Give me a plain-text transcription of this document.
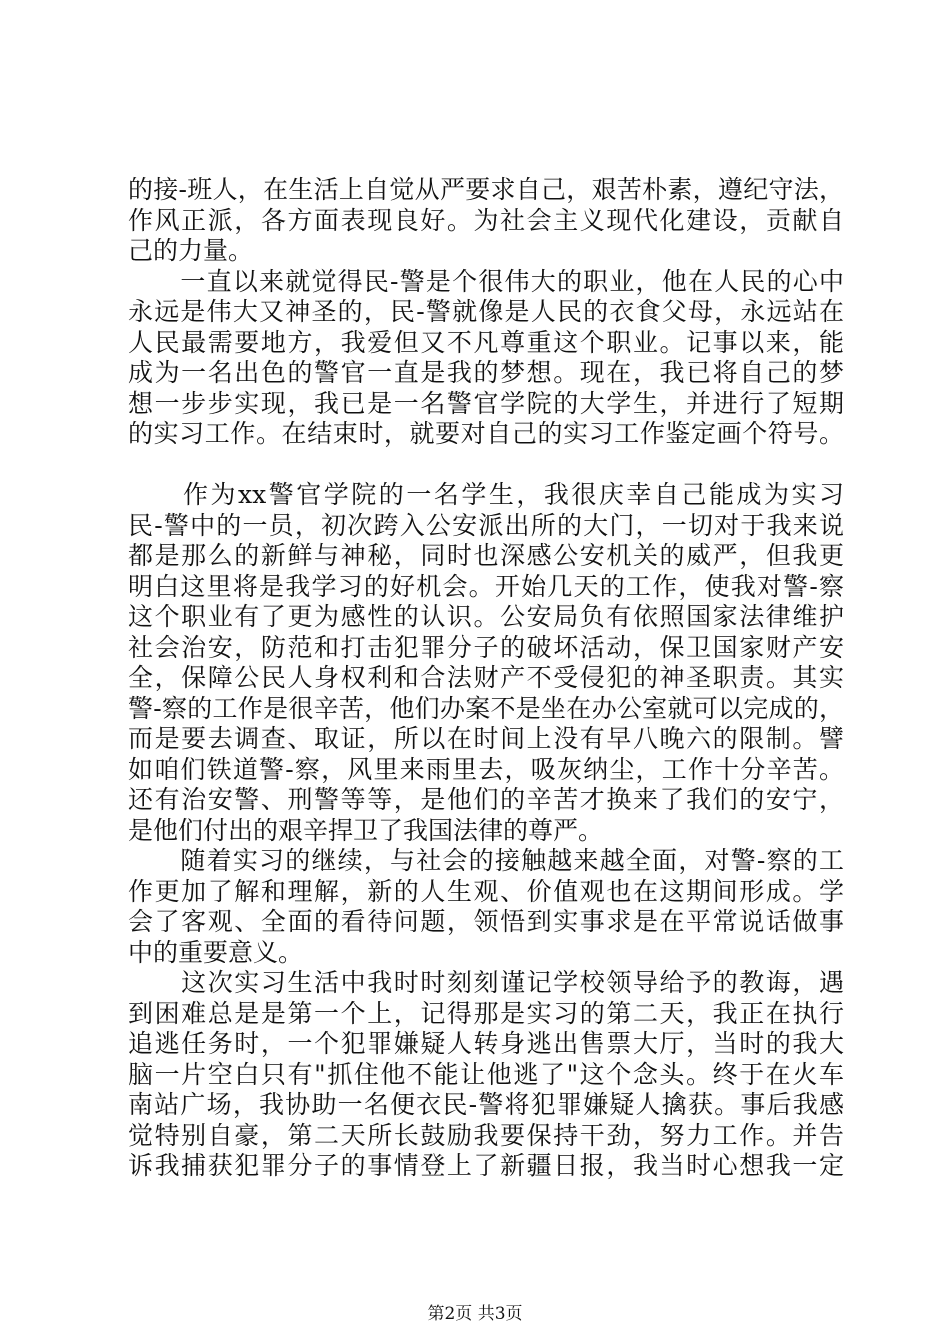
的接-班人，在生活上自觉从严要求自己，艰苦朴素，遵纪守法，
作风正派，各方面表现良好。为社会主义现代化建设，贡献自
己的力量。
　　一直以来就觉得民-警是个很伟大的职业，他在人民的心中
永远是伟大又神圣的，民-警就像是人民的衣食父母，永远站在
人民最需要地方，我爱但又不凡尊重这个职业。记事以来，能
成为一名出色的警官一直是我的梦想。现在，我已将自己的梦
想一步步实现，我已是一名警官学院的大学生，并进行了短期
的实习工作。在结束时，就要对自己的实习工作鉴定画个符号。
　　作为xx警官学院的一名学生，我很庆幸自己能成为实习
民-警中的一员，初次跨入公安派出所的大门，一切对于我来说
都是那么的新鲜与神秘，同时也深感公安机关的威严，但我更
明白这里将是我学习的好机会。开始几天的工作，使我对警-察
这个职业有了更为感性的认识。公安局负有依照国家法律维护
社会治安，防范和打击犯罪分子的破坏活动，保卫国家财产安
全，保障公民人身权利和合法财产不受侵犯的神圣职责。其实
警-察的工作是很辛苦，他们办案不是坐在办公室就可以完成的，
而是要去调查、取证，所以在时间上没有早八晚六的限制。譬
如咱们铁道警-察，风里来雨里去，吸灰纳尘，工作十分辛苦。
还有治安警、刑警等等，是他们的辛苦才换来了我们的安宁，
是他们付出的艰辛捍卫了我国法律的尊严。
　　随着实习的继续，与社会的接触越来越全面，对警-察的工
作更加了解和理解，新的人生观、价值观也在这期间形成。学
会了客观、全面的看待问题，领悟到实事求是在平常说话做事
中的重要意义。
　　这次实习生活中我时时刻刻谨记学校领导给予的教诲，遇
到困难总是是第一个上，记得那是实习的第二天，我正在执行
追逃任务时，一个犯罪嫌疑人转身逃出售票大厅，当时的我大
脑一片空白只有"抓住他不能让他逃了"这个念头。终于在火车
南站广场，我协助一名便衣民-警将犯罪嫌疑人擒获。事后我感
觉特别自豪，第二天所长鼓励我要保持干劲，努力工作。并告
诉我捕获犯罪分子的事情登上了新疆日报，我当时心想我一定
第2页 共3页
